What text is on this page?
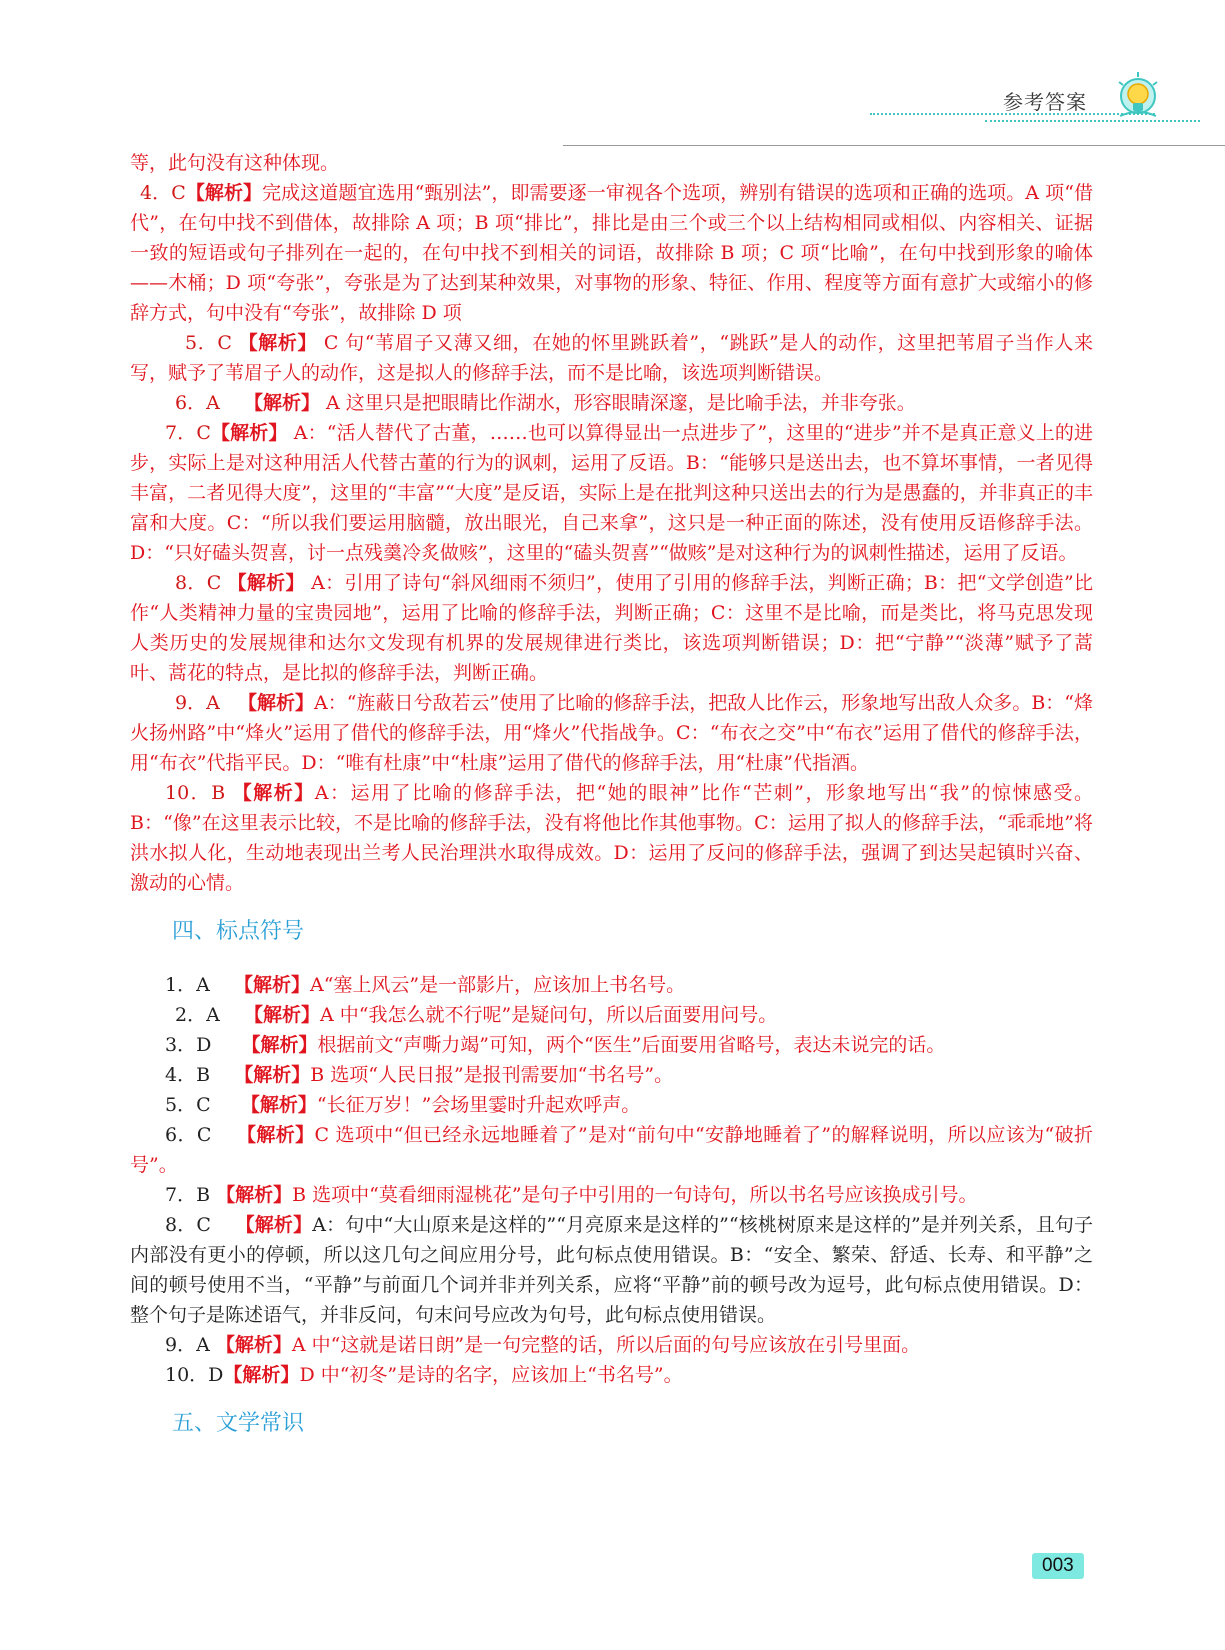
参考答案

等，此句没有这种体现。

4．C【解析】完成这道题宜选用“甄别法”，即需要逐一审视各个选项，辨别有错误的选项和正确的选项。A 项“借代”，在句中找不到借体，故排除 A 项；B 项“排比”，排比是由三个或三个以上结构相同或相似、内容相关、证据一致的短语或句子排列在一起的，在句中找不到相关的词语，故排除 B 项；C 项“比喻”，在句中找到形象的喻体——木桶；D 项“夸张”，夸张是为了达到某种效果，对事物的形象、特征、作用、程度等方面有意扩大或缩小的修辞方式，句中没有“夸张”，故排除 D 项

5．C 【解析】 C 句“苇眉子又薄又细，在她的怀里跳跃着”，“跳跃”是人的动作，这里把苇眉子当作人来写，赋予了苇眉子人的动作，这是拟人的修辞手法，而不是比喻，该选项判断错误。

6．A 【解析】 A 这里只是把眼睛比作湖水，形容眼睛深邃，是比喻手法，并非夸张。

7．C【解析】 A：“活人替代了古董，……也可以算得显出一点进步了”，这里的“进步”并不是真正意义上的进步，实际上是对这种用活人代替古董的行为的讽刺，运用了反语。B：“能够只是送出去，也不算坏事情，一者见得丰富，二者见得大度”，这里的“丰富”“大度”是反语，实际上是在批判这种只送出去的行为是愚蠢的，并非真正的丰富和大度。C：“所以我们要运用脑髓，放出眼光，自己来拿”，这只是一种正面的陈述，没有使用反语修辞手法。D：“只好磕头贺喜，讨一点残羹冷炙做赅”，这里的“磕头贺喜”“做赅”是对这种行为的讽刺性描述，运用了反语。

8．C 【解析】 A：引用了诗句“斜风细雨不须归”，使用了引用的修辞手法，判断正确；B：把“文学创造”比作“人类精神力量的宝贵园地”，运用了比喻的修辞手法，判断正确；C：这里不是比喻，而是类比，将马克思发现人类历史的发展规律和达尔文发现有机界的发展规律进行类比，该选项判断错误；D：把“宁静”“淡薄”赋予了蒿叶、蒿花的特点，是比拟的修辞手法，判断正确。

9．A 【解析】A：“旌蔽日兮敌若云”使用了比喻的修辞手法，把敌人比作云，形象地写出敌人众多。B：“烽火扬州路”中“烽火”运用了借代的修辞手法，用“烽火”代指战争。C：“布衣之交”中“布衣”运用了借代的修辞手法，用“布衣”代指平民。D：“唯有杜康”中“杜康”运用了借代的修辞手法，用“杜康”代指酒。

10．B 【解析】A：运用了比喻的修辞手法，把“她的眼神”比作“芒刺”，形象地写出“我”的惊悚感受。B：“像”在这里表示比较，不是比喻的修辞手法，没有将他比作其他事物。C：运用了拟人的修辞手法，“乖乖地”将洪水拟人化，生动地表现出兰考人民治理洪水取得成效。D：运用了反问的修辞手法，强调了到达吴起镇时兴奋、激动的心情。

四、标点符号

1．A 【解析】A“塞上风云”是一部影片，应该加上书名号。

2．A 【解析】A 中“我怎么就不行呢”是疑问句，所以后面要用问号。

3．D 【解析】根据前文“声嘶力竭”可知，两个“医生”后面要用省略号，表达未说完的话。

4．B 【解析】B 选项“人民日报”是报刊需要加“书名号”。

5．C 【解析】“长征万岁！”会场里霎时升起欢呼声。

6．C 【解析】C 选项中“但已经永远地睡着了”是对“前句中“安静地睡着了”的解释说明，所以应该为“破折号”。

7．B 【解析】B 选项中“莫看细雨湿桃花”是句子中引用的一句诗句，所以书名号应该换成引号。

8．C 【解析】A：句中“大山原来是这样的”“月亮原来是这样的”“核桃树原来是这样的”是并列关系，且句子内部没有更小的停顿，所以这几句之间应用分号，此句标点使用错误。B：“安全、繁荣、舒适、长寿、和平静”之间的顿号使用不当，“平静”与前面几个词并非并列关系，应将“平静”前的顿号改为逗号，此句标点使用错误。D：整个句子是陈述语气，并非反问，句末问号应改为句号，此句标点使用错误。

9．A 【解析】A 中“这就是诺日朗”是一句完整的话，所以后面的句号应该放在引号里面。

10．D【解析】D 中“初冬”是诗的名字，应该加上“书名号”。

五、文学常识
003
